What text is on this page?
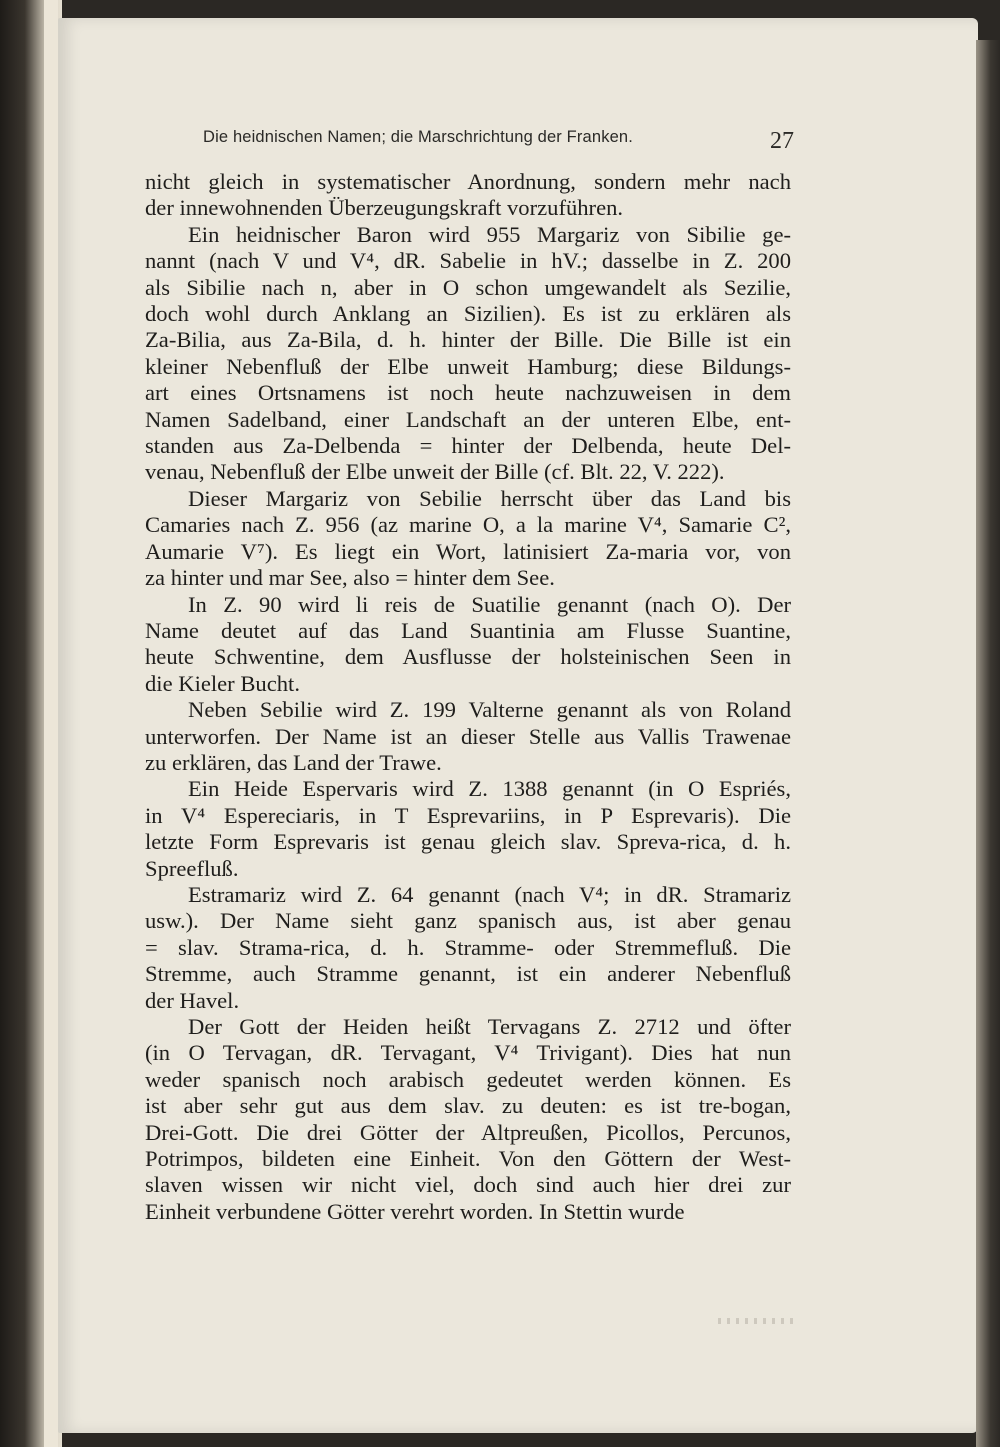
Die heidnischen Namen; die Marschrichtung der Franken.	27
nicht gleich in systematischer Anordnung, sondern mehr nach
der innewohnenden Überzeugungskraft vorzuführen.
Ein heidnischer Baron wird 955 Margariz von Sibilie ge-
nannt (nach V und V⁴, dR. Sabelie in hV.; dasselbe in Z. 200
als Sibilie nach n, aber in O schon umgewandelt als Sezilie,
doch wohl durch Anklang an Sizilien). Es ist zu erklären als
Za-Bilia, aus Za-Bila, d. h. hinter der Bille. Die Bille ist ein
kleiner Nebenfluß der Elbe unweit Hamburg; diese Bildungs-
art eines Ortsnamens ist noch heute nachzuweisen in dem
Namen Sadelband, einer Landschaft an der unteren Elbe, ent-
standen aus Za-Delbenda = hinter der Delbenda, heute Del-
venau, Nebenfluß der Elbe unweit der Bille (cf. Blt. 22, V. 222).
Dieser Margariz von Sebilie herrscht über das Land bis
Camaries nach Z. 956 (az marine O, a la marine V⁴, Samarie C²,
Aumarie V⁷). Es liegt ein Wort, latinisiert Za-maria vor, von
za hinter und mar See, also = hinter dem See.
In Z. 90 wird li reis de Suatilie genannt (nach O). Der
Name deutet auf das Land Suantinia am Flusse Suantine,
heute Schwentine, dem Ausflusse der holsteinischen Seen in
die Kieler Bucht.
Neben Sebilie wird Z. 199 Valterne genannt als von Roland
unterworfen. Der Name ist an dieser Stelle aus Vallis Trawenae
zu erklären, das Land der Trawe.
Ein Heide Espervaris wird Z. 1388 genannt (in O Espriés,
in V⁴ Espereciaris, in T Esprevariins, in P Esprevaris). Die
letzte Form Esprevaris ist genau gleich slav. Spreva-rica, d. h.
Spreefluß.
Estramariz wird Z. 64 genannt (nach V⁴; in dR. Stramariz
usw.). Der Name sieht ganz spanisch aus, ist aber genau
= slav. Strama-rica, d. h. Stramme- oder Stremmefluß. Die
Stremme, auch Stramme genannt, ist ein anderer Nebenfluß
der Havel.
Der Gott der Heiden heißt Tervagans Z. 2712 und öfter
(in O Tervagan, dR. Tervagant, V⁴ Trivigant). Dies hat nun
weder spanisch noch arabisch gedeutet werden können. Es
ist aber sehr gut aus dem slav. zu deuten: es ist tre-bogan,
Drei-Gott. Die drei Götter der Altpreußen, Picollos, Percunos,
Potrimpos, bildeten eine Einheit. Von den Göttern der West-
slaven wissen wir nicht viel, doch sind auch hier drei zur
Einheit verbundene Götter verehrt worden. In Stettin wurde
